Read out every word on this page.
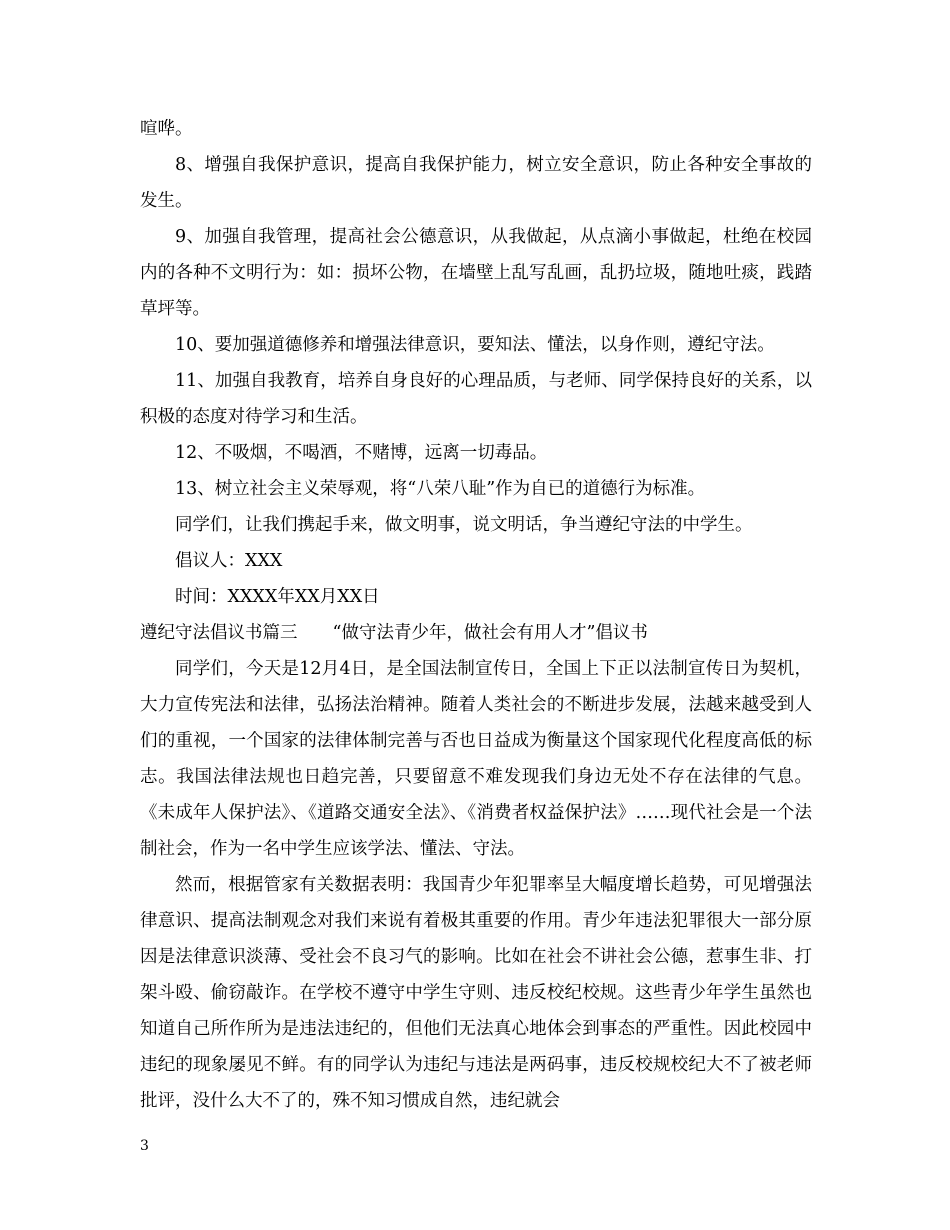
喧哗。

8、增强自我保护意识，提高自我保护能力，树立安全意识，防止各种安全事故的发生。

9、加强自我管理，提高社会公德意识，从我做起，从点滴小事做起，杜绝在校园内的各种不文明行为：如：损坏公物，在墙壁上乱写乱画，乱扔垃圾，随地吐痰，践踏草坪等。

10、要加强道德修养和增强法律意识，要知法、懂法，以身作则，遵纪守法。

11、加强自我教育，培养自身良好的心理品质，与老师、同学保持良好的关系，以积极的态度对待学习和生活。

12、不吸烟，不喝酒，不赌博，远离一切毒品。

13、树立社会主义荣辱观，将“八荣八耻”作为自已的道德行为标准。

同学们，让我们携起手来，做文明事，说文明话，争当遵纪守法的中学生。

倡议人：XXX

时间：XXXX年XX月XX日

遵纪守法倡议书篇三　　“做守法青少年，做社会有用人才”倡议书

同学们，今天是12月4日，是全国法制宣传日，全国上下正以法制宣传日为契机，大力宣传宪法和法律，弘扬法治精神。随着人类社会的不断进步发展，法越来越受到人们的重视，一个国家的法律体制完善与否也日益成为衡量这个国家现代化程度高低的标志。我国法律法规也日趋完善，只要留意不难发现我们身边无处不存在法律的气息。《未成年人保护法》、《道路交通安全法》、《消费者权益保护法》……现代社会是一个法制社会，作为一名中学生应该学法、懂法、守法。

然而，根据管家有关数据表明：我国青少年犯罪率呈大幅度增长趋势，可见增强法律意识、提高法制观念对我们来说有着极其重要的作用。青少年违法犯罪很大一部分原因是法律意识淡薄、受社会不良习气的影响。比如在社会不讲社会公德，惹事生非、打架斗殴、偷窃敲诈。在学校不遵守中学生守则、违反校纪校规。这些青少年学生虽然也知道自己所作所为是违法违纪的，但他们无法真心地体会到事态的严重性。因此校园中违纪的现象屡见不鲜。有的同学认为违纪与违法是两码事，违反校规校纪大不了被老师批评，没什么大不了的，殊不知习惯成自然，违纪就会

3
